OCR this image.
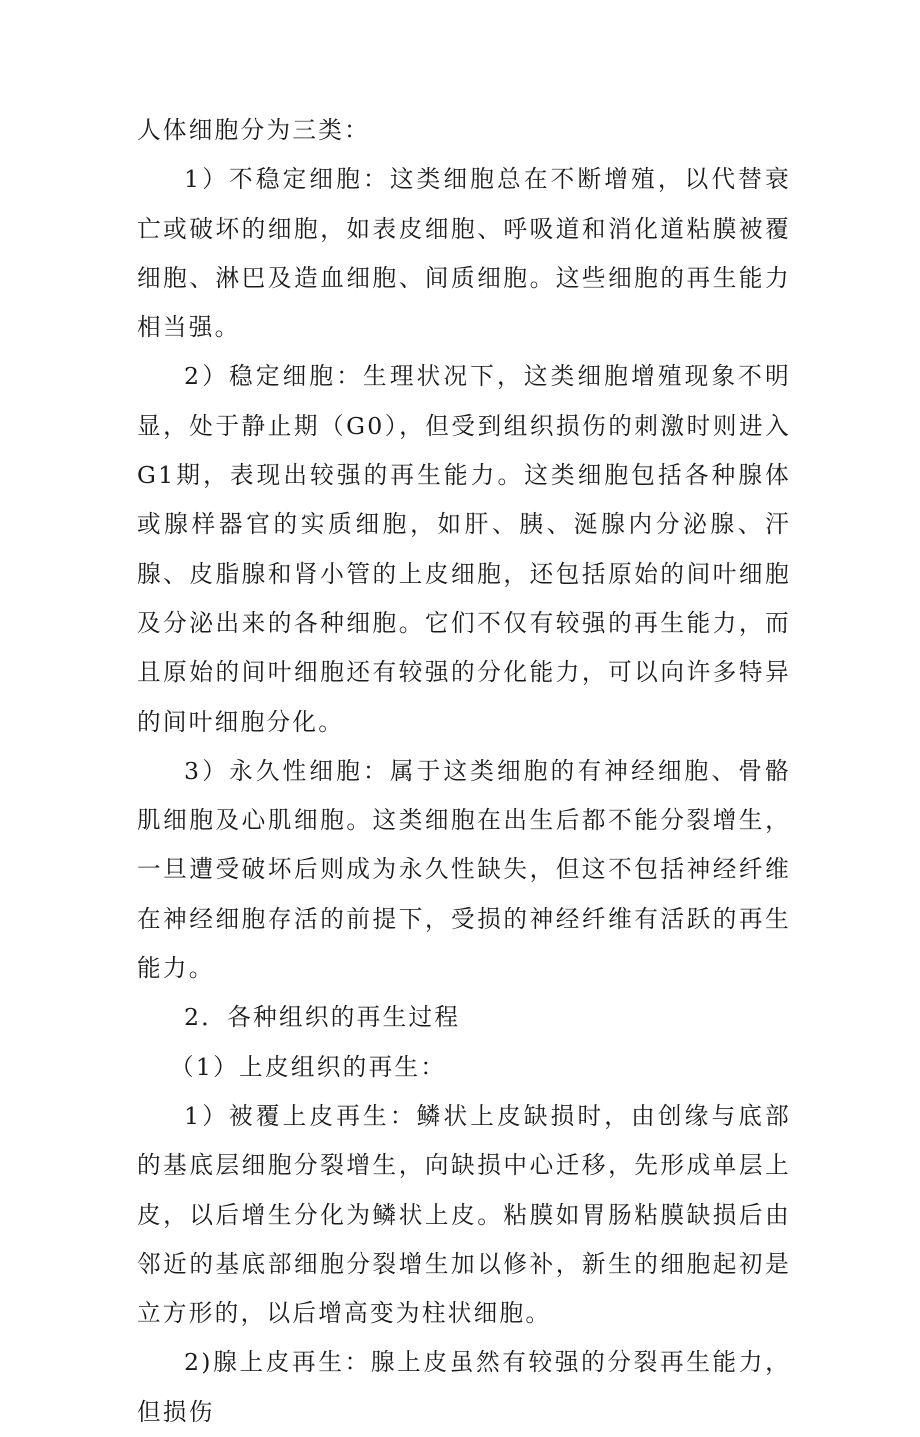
人体细胞分为三类：

1）不稳定细胞：这类细胞总在不断增殖，以代替衰亡或破坏的细胞，如表皮细胞、呼吸道和消化道粘膜被覆细胞、淋巴及造血细胞、间质细胞。这些细胞的再生能力相当强。

2）稳定细胞：生理状况下，这类细胞增殖现象不明显，处于静止期（G0），但受到组织损伤的刺激时则进入G1期，表现出较强的再生能力。这类细胞包括各种腺体或腺样器官的实质细胞，如肝、胰、涎腺内分泌腺、汗腺、皮脂腺和肾小管的上皮细胞，还包括原始的间叶细胞及分泌出来的各种细胞。它们不仅有较强的再生能力，而且原始的间叶细胞还有较强的分化能力，可以向许多特异的间叶细胞分化。

3）永久性细胞：属于这类细胞的有神经细胞、骨骼肌细胞及心肌细胞。这类细胞在出生后都不能分裂增生，一旦遭受破坏后则成为永久性缺失，但这不包括神经纤维在神经细胞存活的前提下，受损的神经纤维有活跃的再生能力。

2．各种组织的再生过程

（1）上皮组织的再生：

1）被覆上皮再生：鳞状上皮缺损时，由创缘与底部的基底层细胞分裂增生，向缺损中心迁移，先形成单层上皮，以后增生分化为鳞状上皮。粘膜如胃肠粘膜缺损后由邻近的基底部细胞分裂增生加以修补，新生的细胞起初是立方形的，以后增高变为柱状细胞。

2)腺上皮再生：腺上皮虽然有较强的分裂再生能力，但损伤
